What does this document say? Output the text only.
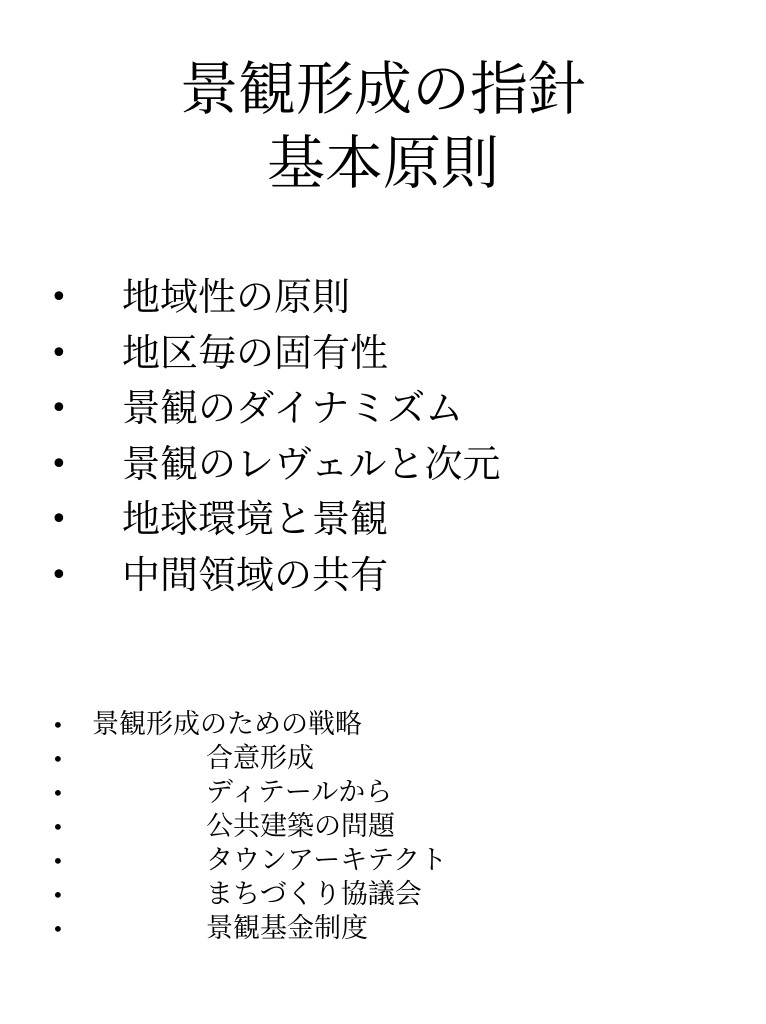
景観形成の指針
基本原則
• 地域性の原則
• 地区毎の固有性
• 景観のダイナミズム
• 景観のレヴェルと次元
• 地球環境と景観
• 中間領域の共有
• 景観形成のための戦略
•	合意形成
•	ディテールから
•	公共建築の問題
•	タウンアーキテクト
•	まちづくり協議会
•	景観基金制度
